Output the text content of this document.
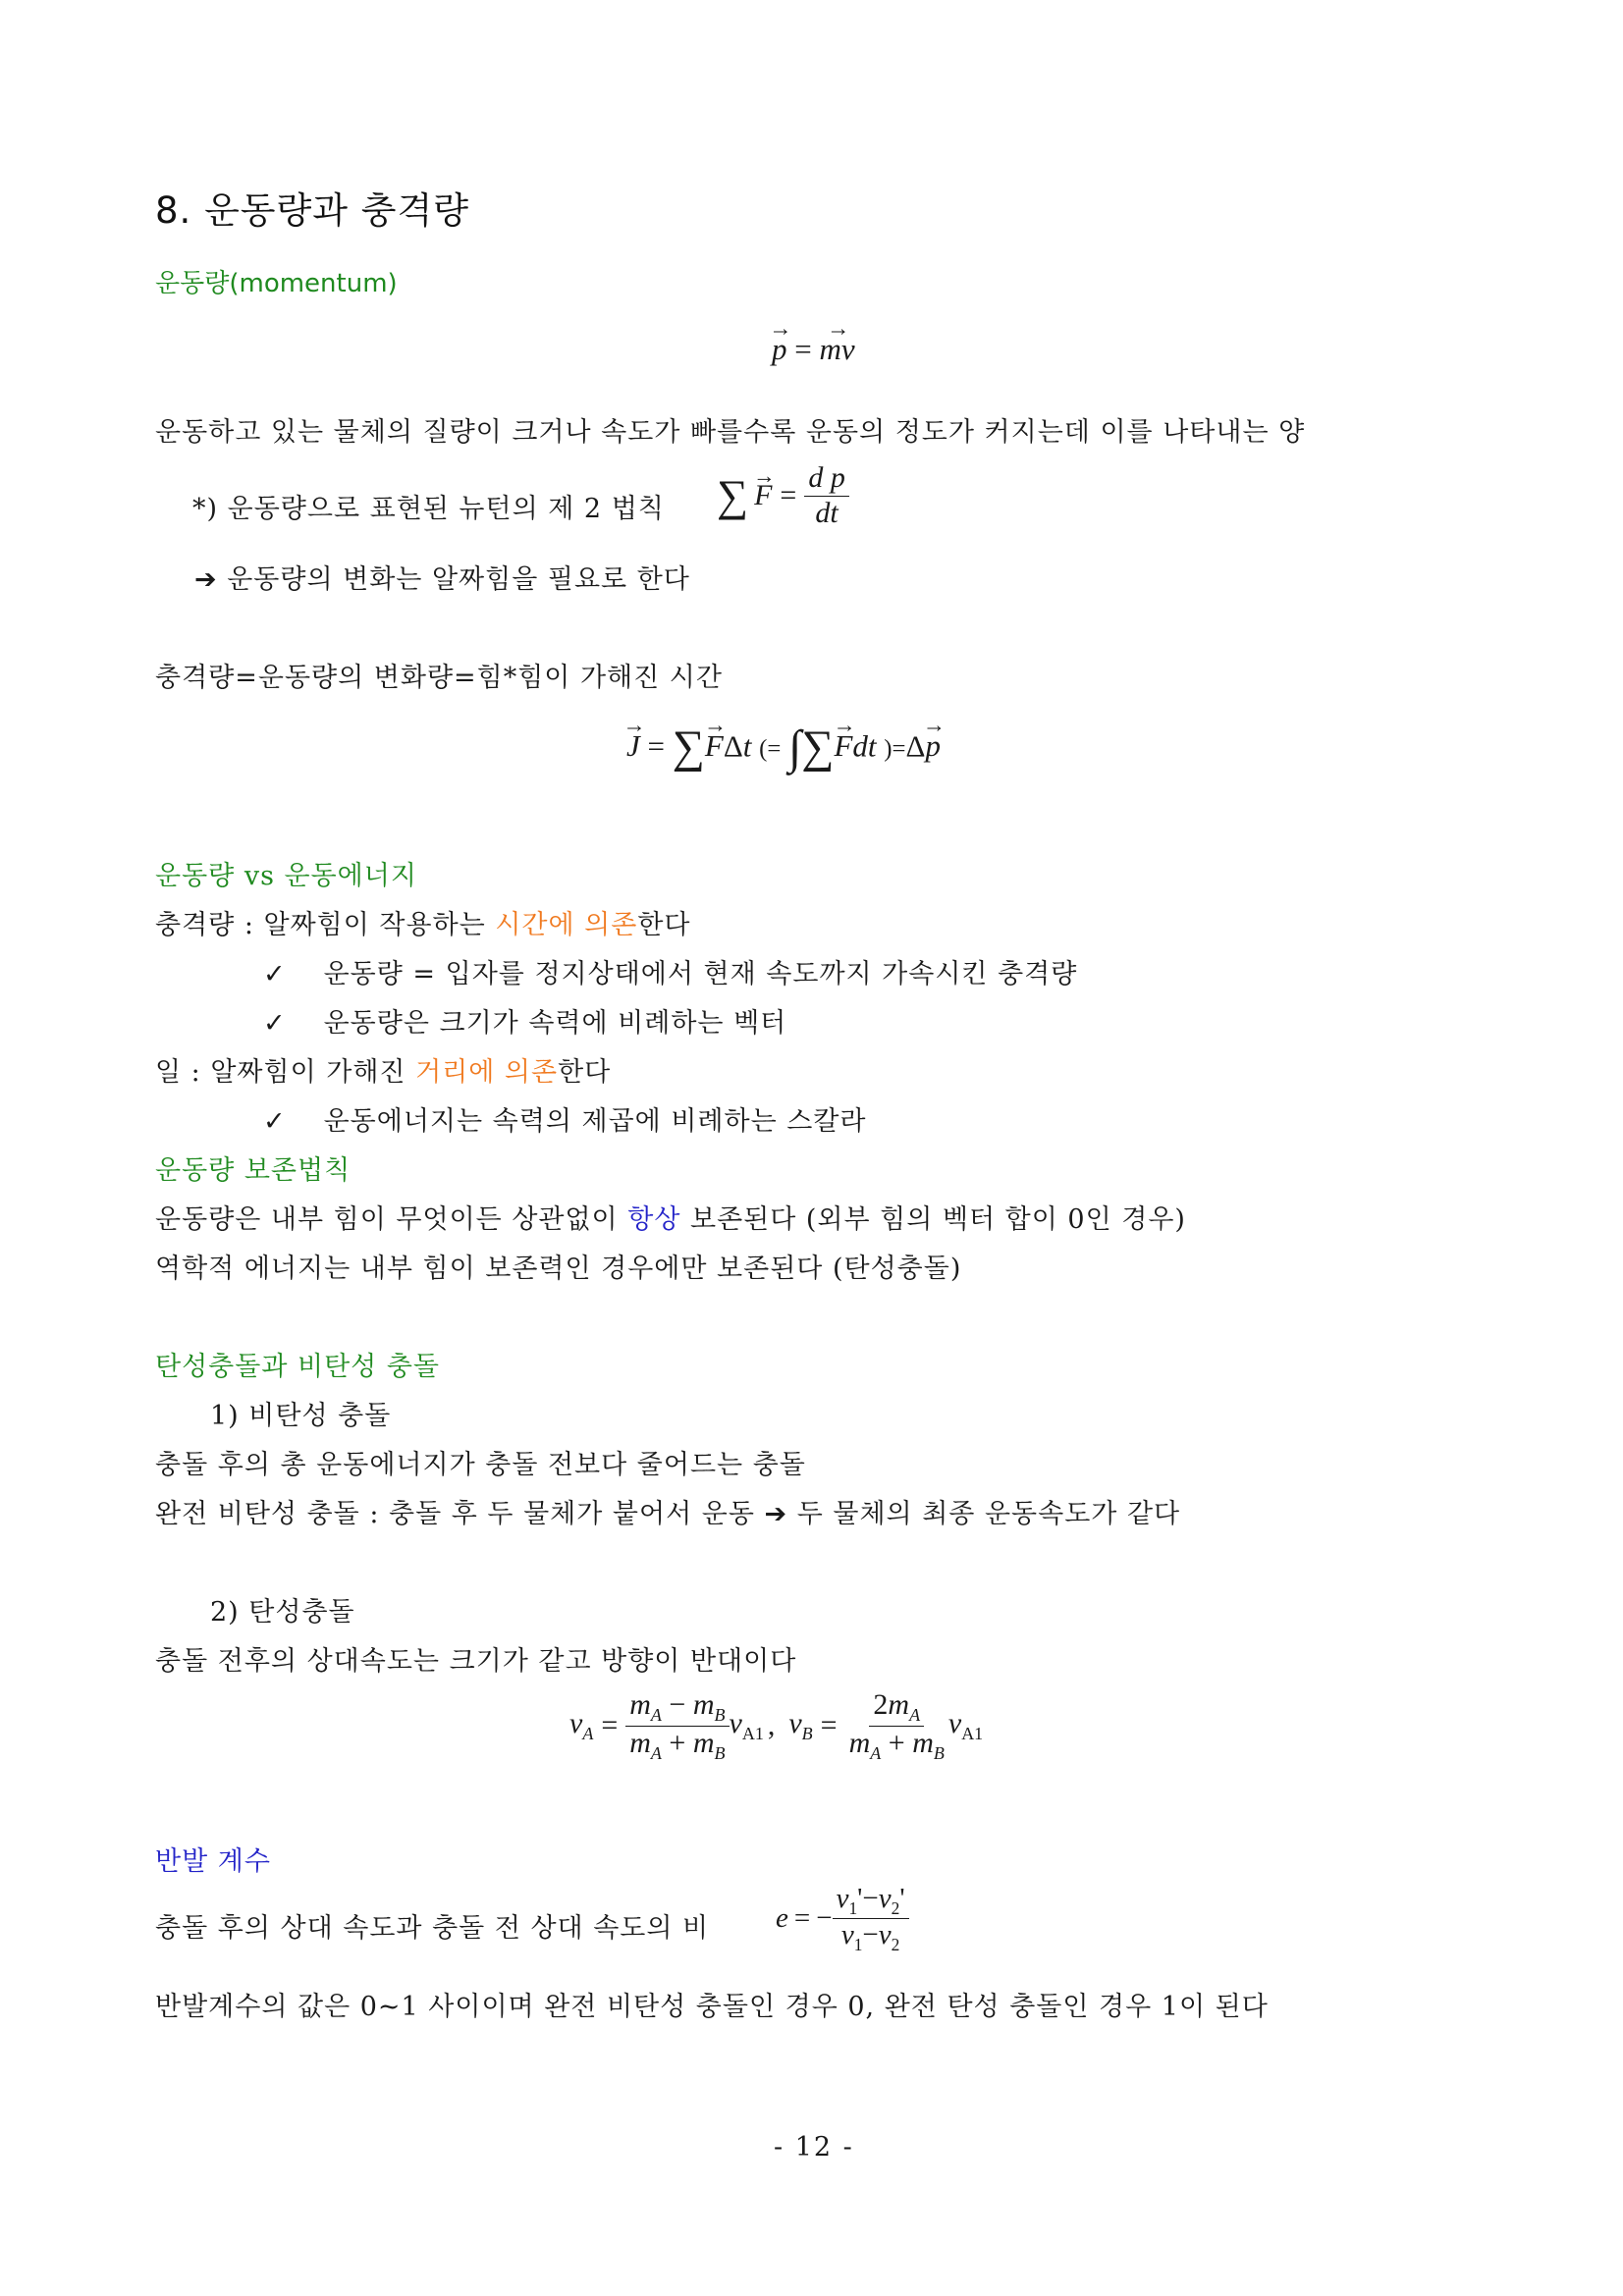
8. 운동량과 충격량
운동량(momentum)
→ p = → mv
운동하고 있는 물체의 질량이 크거나 속도가 빠를수록 운동의 정도가 커지는데 이를 나타내는 양
*) 운동량으로 표현된 뉴턴의 제 2 법칙 ∑ → $F = \frac{\text{d p}}{dt}$
➔ 운동량의 변화는 알짜힘을 필요로 한다
충격량=운동량의 변화량=힘*힘이 가해진 시간
→ J = ∑→ FΔt (= ∫∑→ Fdt )=Δ→ p
운동량 vs 운동에너지
충격량 : 알짜힘이 작용하는 시간에 의존한다
✓ 운동량 = 입자를 정지상태에서 현재 속도까지 가속시킨 충격량
✓ 운동량은 크기가 속력에 비례하는 벡터
일 : 알짜힘이 가해진 거리에 의존한다
✓ 운동에너지는 속력의 제곱에 비례하는 스칼라
운동량 보존법칙
운동량은 내부 힘이 무엇이든 상관없이 항상 보존된다 (외부 힘의 벡터 합이 0인 경우)
역학적 에너지는 내부 힘이 보존력인 경우에만 보존된다 (탄성충돌)
탄성충돌과 비탄성 충돌
1) 비탄성 충돌
충돌 후의 총 운동에너지가 충돌 전보다 줄어드는 충돌
완전 비탄성 충돌 : 충돌 후 두 물체가 붙어서 운동 ➔ 두 물체의 최종 운동속도가 같다
2) 탄성충돌
충돌 전후의 상대속도는 크기가 같고 방향이 반대이다
$v_A = \frac{m_A - m_B}{m_A + m_B} v_{A1}$ , $v_B = \frac{2m_A}{m_A + m_B} v_{A1}$
반발 계수
충돌 후의 상대 속도과 충돌 전 상대 속도의 비 e = − $\frac{v_1'-v_2'}{v_1-v_2}$
반발계수의 값은 0~1 사이이며 완전 비탄성 충돌인 경우 0, 완전 탄성 충돌인 경우 1이 된다
- 12 -
